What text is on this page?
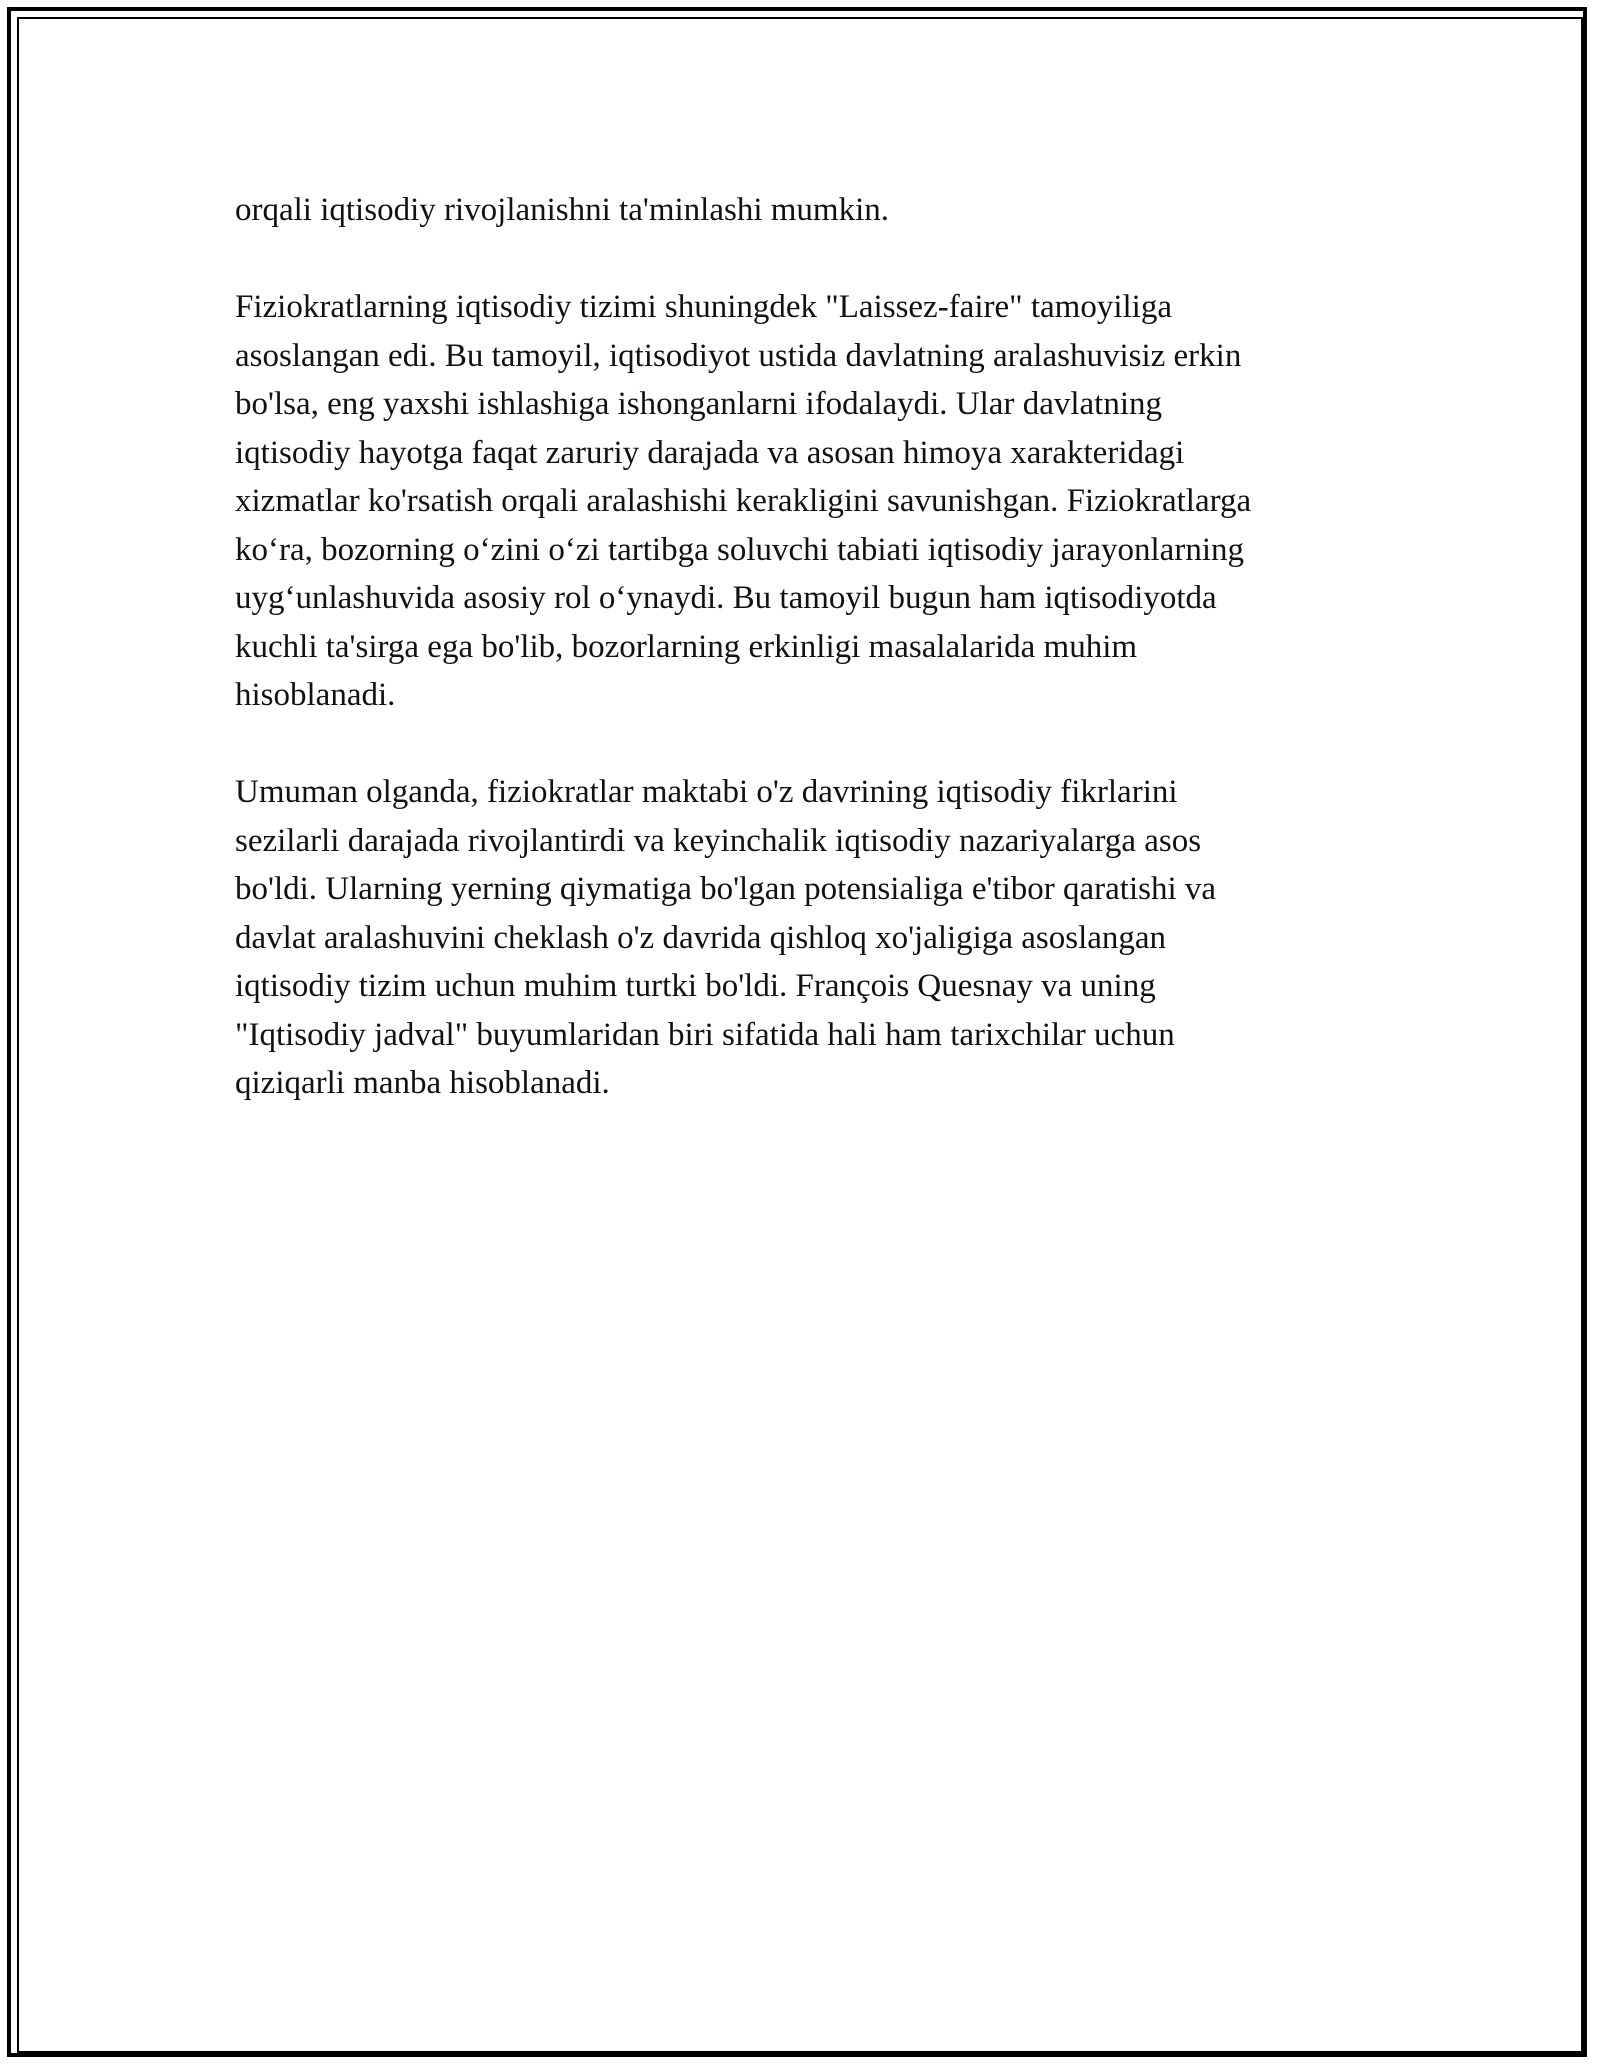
orqali iqtisodiy rivojlanishni ta'minlashi mumkin.

Fiziokratlarning iqtisodiy tizimi shuningdek "Laissez-faire" tamoyiliga
asoslangan edi. Bu tamoyil, iqtisodiyot ustida davlatning aralashuvisiz erkin
bo'lsa, eng yaxshi ishlashiga ishonganlarni ifodalaydi. Ular davlatning
iqtisodiy hayotga faqat zaruriy darajada va asosan himoya xarakteridagi
xizmatlar ko'rsatish orqali aralashishi kerakligini savunishgan. Fiziokratlarga
ko‘ra, bozorning o‘zini o‘zi tartibga soluvchi tabiati iqtisodiy jarayonlarning
uyg‘unlashuvida asosiy rol o‘ynaydi. Bu tamoyil bugun ham iqtisodiyotda
kuchli ta'sirga ega bo'lib, bozorlarning erkinligi masalalarida muhim
hisoblanadi.

Umuman olganda, fiziokratlar maktabi o'z davrining iqtisodiy fikrlarini
sezilarli darajada rivojlantirdi va keyinchalik iqtisodiy nazariyalarga asos
bo'ldi. Ularning yerning qiymatiga bo'lgan potensialiga e'tibor qaratishi va
davlat aralashuvini cheklash o'z davrida qishloq xo'jaligiga asoslangan
iqtisodiy tizim uchun muhim turtki bo'ldi. François Quesnay va uning
"Iqtisodiy jadval" buyumlaridan biri sifatida hali ham tarixchilar uchun
qiziqarli manba hisoblanadi.
